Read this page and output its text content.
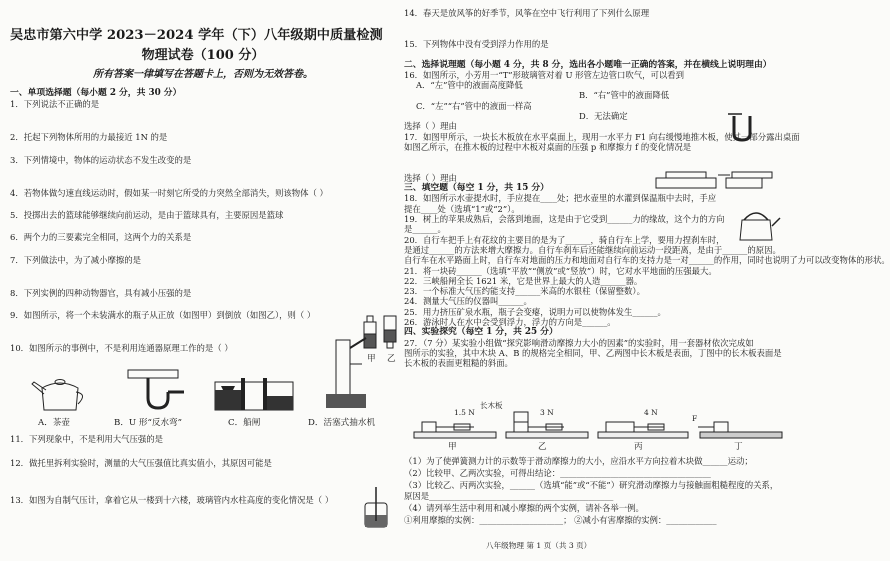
吴忠市第六中学 2023－2024 学年（下）八年级期中质量检测
物理试卷（100 分）
所有答案一律填写在答题卡上，否则为无效答卷。
一、单项选择题（每小题 2 分，共 30 分）
1．下列说法不正确的是
2．托起下列物体所用的力最接近 1N 的是
3．下列情境中，物体的运动状态不发生改变的是
4．若物体做匀速直线运动时，假如某一时刻它所受的力突然全部消失，则该物体（ ）
5．投掷出去的篮球能够继续向前运动，是由于篮球具有，主要原因是篮球
6．两个力的三要素完全相同，这两个力的关系是
7．下列做法中，为了减小摩擦的是
8．下列实例的四种动物器官，具有减小压强的是
9．如图所示，将一个未装满水的瓶子从正放（如图甲）到倒放（如图乙），则（ ）
10．如图所示的事例中，不是利用连通器原理工作的是（ ）
甲 乙
A．茶壶	B．U 形“反水弯”	C．船闸	D．活塞式抽水机
11．下列现象中，不是利用大气压强的是
12．做托里拆利实验时，测量的大气压强值比真实值小，其原因可能是
13．如图为自制气压计，拿着它从一楼到十六楼，玻璃管内水柱高度的变化情况是（ ）
14．春天是放风筝的好季节，风筝在空中飞行利用了下列什么原理
15．下列物体中没有受到浮力作用的是
二、选择说理题（每小题 4 分，共 8 分，选出各小题唯一正确的答案，并在横线上说明理由）
16．如图所示，小芳用一“T”形玻璃管对着 U 形管左边管口吹气，可以看到
A．“左”管中的液面高度降低
B．“右”管中的液面降低
C．“左”“右”管中的液面一样高
D．无法确定
选择（ ）理由
17．如图甲所示，一块长木板放在水平桌面上，现用一水平力 F1 向右缓慢地推木板，使其一部分露出桌面
如图乙所示，在推木板的过程中木板对桌面的压强 p 和摩擦力 f 的变化情况是
选择（ ）理由
三、填空题（每空 1 分，共 15 分）
18．如图所示水壶提水时，手应提在____处；把水壶里的水灌到保温瓶中去时，手应
提在____处（选填“1”或“2”）。
19．树上的苹果成熟后，会落到地面，这是由于它受到______力的缘故，这个力的方向
是______。
20．自行车把手上有花纹的主要目的是为了______，骑自行车上学，要用力捏刹车时，
是通过______的方法来增大摩擦力。自行车刹车后还能继续向前运动一段距离，是由于______的原因。
自行车在水平路面上时，自行车对地面的压力和地面对自行车的支持力是一对______的作用，同时也说明了力可以改变物体的形状。
21．将一块砖______（选填“平放”“侧放”或“竖放”）时，它对水平地面的压强最大。
22．三峡船闸全长 1621 米，它是世界上最大的人造______器。
23．一个标准大气压约能支持______米高的水银柱（保留整数）。
24．测量大气压的仪器叫______。
25．用力挤压矿泉水瓶，瓶子会变瘪，说明力可以使物体发生______。
26．游泳时人在水中会受到浮力，浮力的方向是______。
四、实验探究（每空 1 分，共 25 分）
27．（7 分）某实验小组做“探究影响滑动摩擦力大小的因素”的实验时，用一套器材依次完成如
图所示的实验，其中木块 A、B 的规格完全相同，甲、乙两图中长木板是表面，丁图中的长木板表面是
长木板的表面更粗糙的斜面。
1.5 N
长木板
3 N	4 N
F
甲	乙	丙	丁
（1）为了使弹簧测力计的示数等于滑动摩擦力的大小，应沿水平方向拉着木块做______运动；
（2）比较甲、乙两次实验，可得出结论：____________________________________
（3）比较乙、丙两次实验，______（选填“能”或“不能”）研究滑动摩擦力与接触面粗糙程度的关系，
原因是____________________________________________
（4）请列举生活中利用和减小摩擦的两个实例，请补各举一例。
①利用摩擦的实例：____________________； ②减小有害摩擦的实例：____________
八年级物理 第 1 页（共 3 页）
